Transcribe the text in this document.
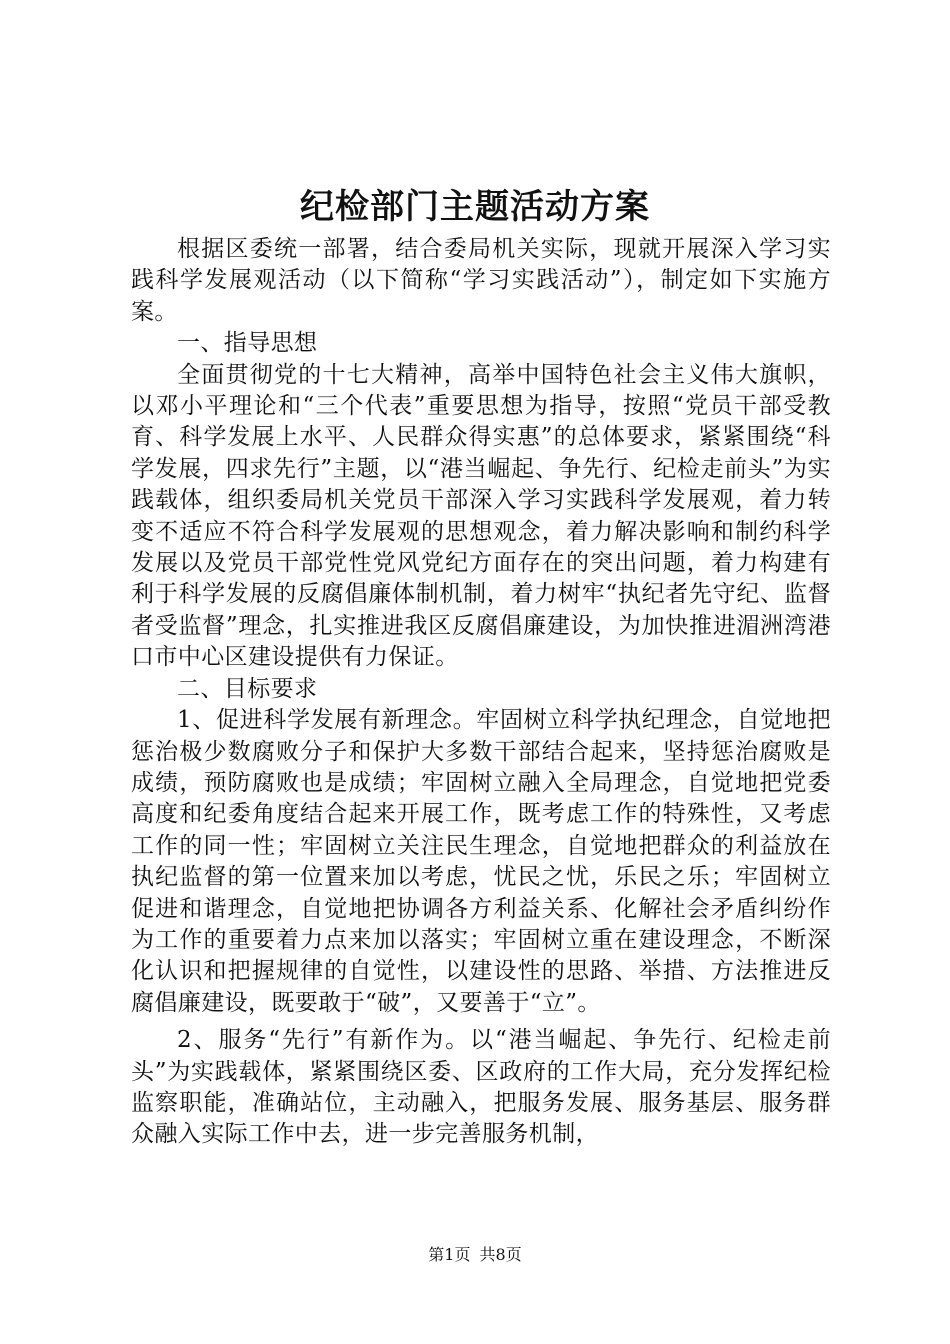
纪检部门主题活动方案

根据区委统一部署，结合委局机关实际，现就开展深入学习实践科学发展观活动（以下简称“学习实践活动”），制定如下实施方案。

一、指导思想

全面贯彻党的十七大精神，高举中国特色社会主义伟大旗帜，以邓小平理论和“三个代表”重要思想为指导，按照“党员干部受教育、科学发展上水平、人民群众得实惠”的总体要求，紧紧围绕“科学发展，四求先行”主题，以“港当崛起、争先行、纪检走前头”为实践载体，组织委局机关党员干部深入学习实践科学发展观，着力转变不适应不符合科学发展观的思想观念，着力解决影响和制约科学发展以及党员干部党性党风党纪方面存在的突出问题，着力构建有利于科学发展的反腐倡廉体制机制，着力树牢“执纪者先守纪、监督者受监督”理念，扎实推进我区反腐倡廉建设，为加快推进湄洲湾港口市中心区建设提供有力保证。

二、目标要求

1、促进科学发展有新理念。牢固树立科学执纪理念，自觉地把惩治极少数腐败分子和保护大多数干部结合起来，坚持惩治腐败是成绩，预防腐败也是成绩；牢固树立融入全局理念，自觉地把党委高度和纪委角度结合起来开展工作，既考虑工作的特殊性，又考虑工作的同一性；牢固树立关注民生理念，自觉地把群众的利益放在执纪监督的第一位置来加以考虑，忧民之忧，乐民之乐；牢固树立促进和谐理念，自觉地把协调各方利益关系、化解社会矛盾纠纷作为工作的重要着力点来加以落实；牢固树立重在建设理念，不断深化认识和把握规律的自觉性，以建设性的思路、举措、方法推进反腐倡廉建设，既要敢于“破”，又要善于“立”。

2、服务“先行”有新作为。以“港当崛起、争先行、纪检走前头”为实践载体，紧紧围绕区委、区政府的工作大局，充分发挥纪检监察职能，准确站位，主动融入，把服务发展、服务基层、服务群众融入实际工作中去，进一步完善服务机制，

第1页 共8页
